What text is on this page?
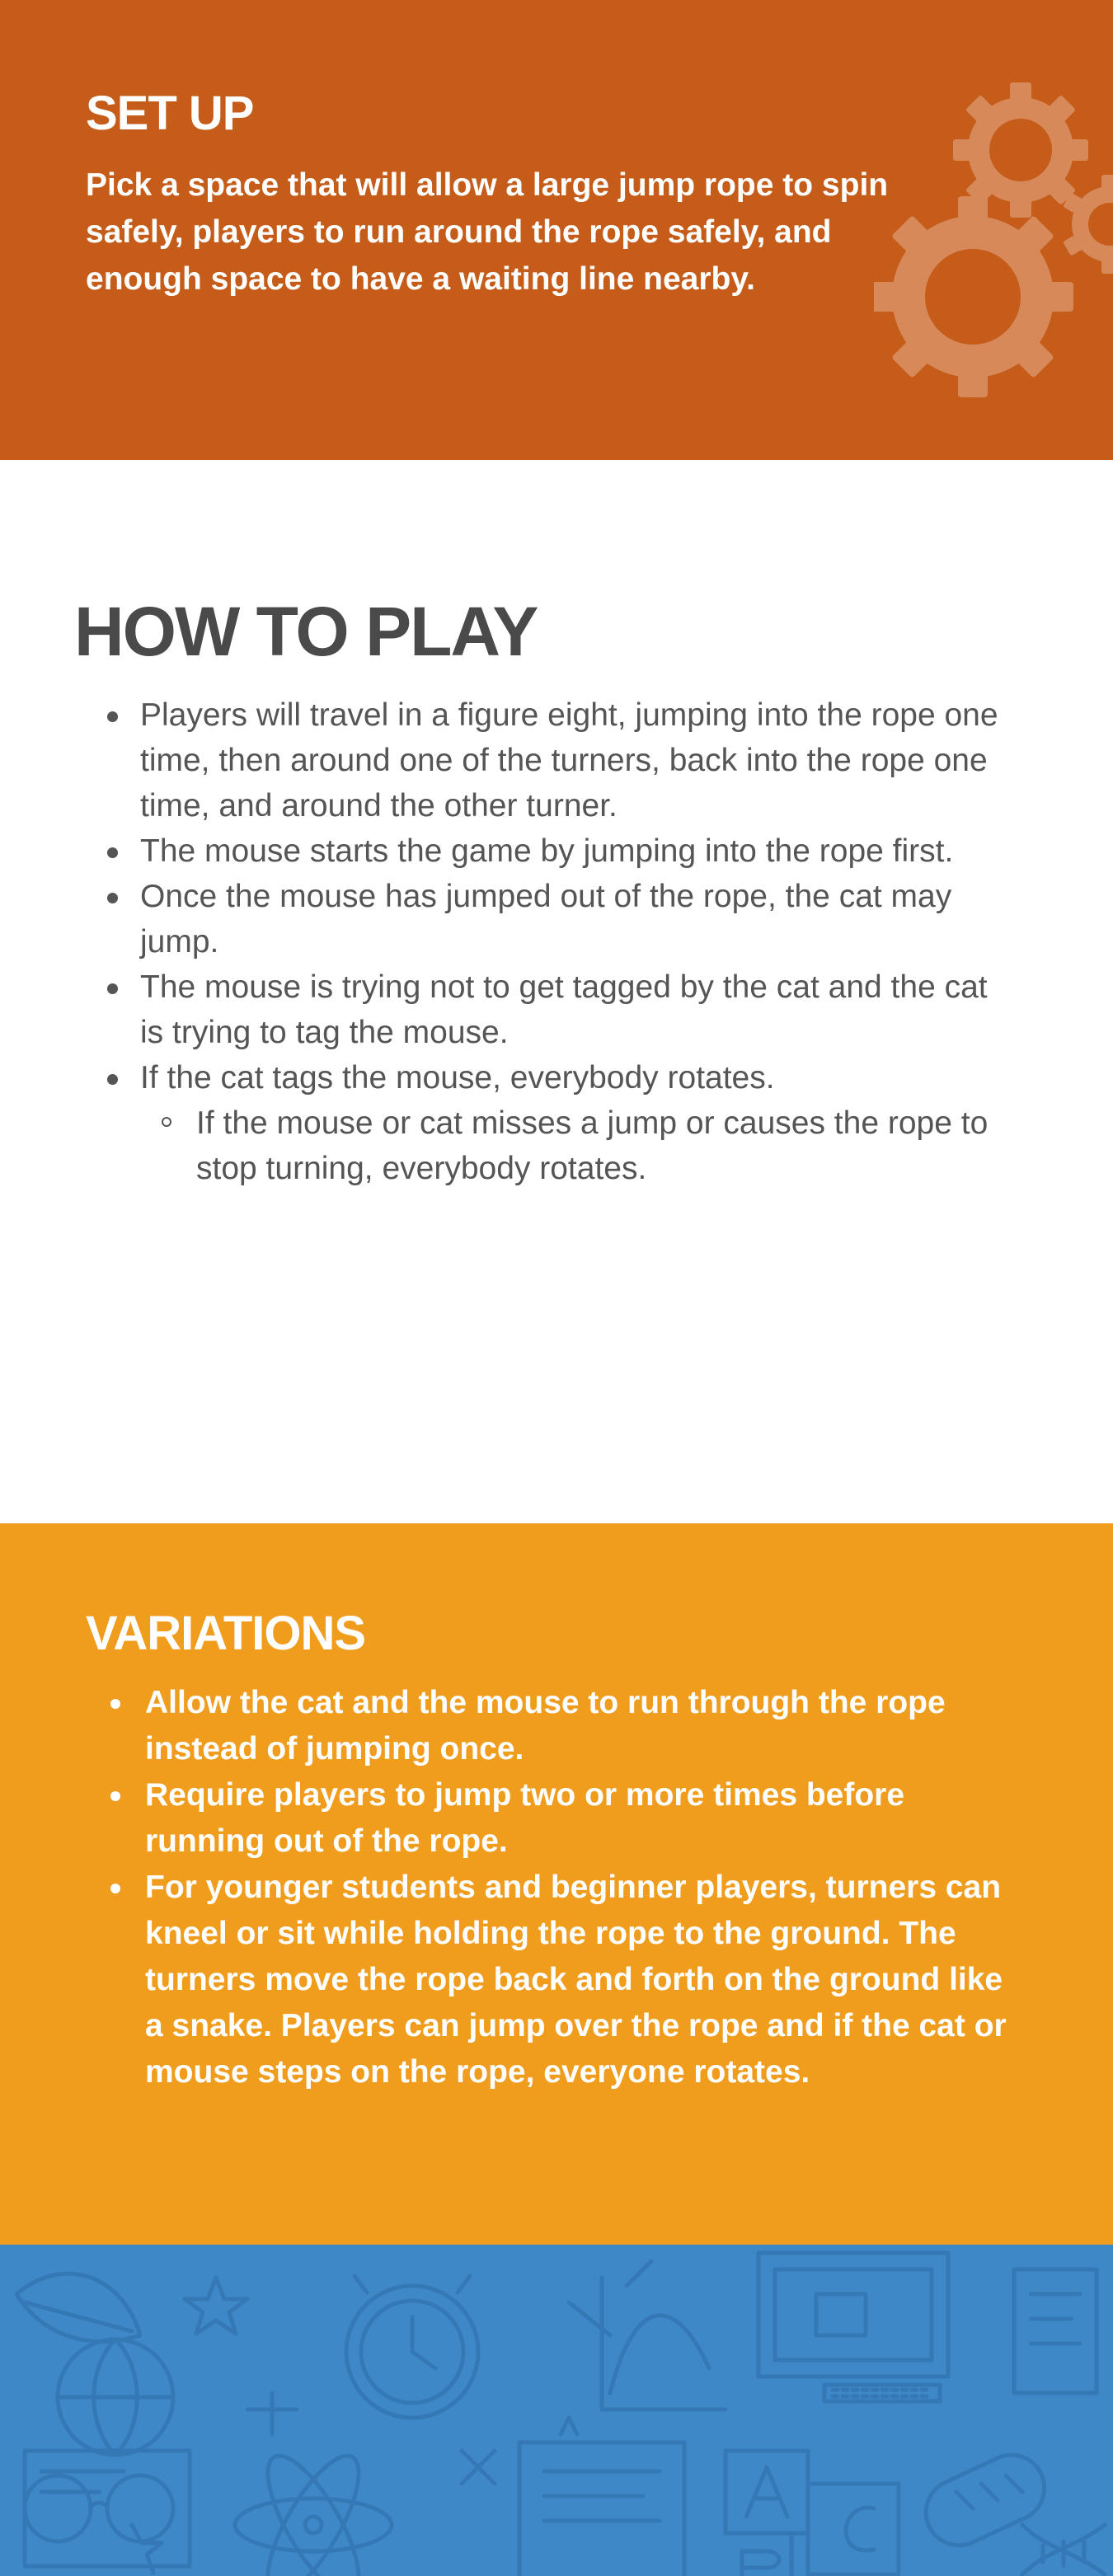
SET UP

Pick a space that will allow a large jump rope to spin safely, players to run around the rope safely, and enough space to have a waiting line nearby.

HOW TO PLAY
Players will travel in a figure eight, jumping into the rope one time, then around one of the turners, back into the rope one time, and around the other turner.
The mouse starts the game by jumping into the rope first.
Once the mouse has jumped out of the rope, the cat may jump.
The mouse is trying not to get tagged by the cat and the cat is trying to tag the mouse.
If the cat tags the mouse, everybody rotates.
If the mouse or cat misses a jump or causes the rope to stop turning, everybody rotates.
VARIATIONS
Allow the cat and the mouse to run through the rope instead of jumping once.
Require players to jump two or more times before running out of the rope.
For younger students and beginner players, turners can kneel or sit while holding the rope to the ground. The turners move the rope back and forth on the ground like a snake. Players can jump over the rope and if the cat or mouse steps on the rope, everyone rotates.
